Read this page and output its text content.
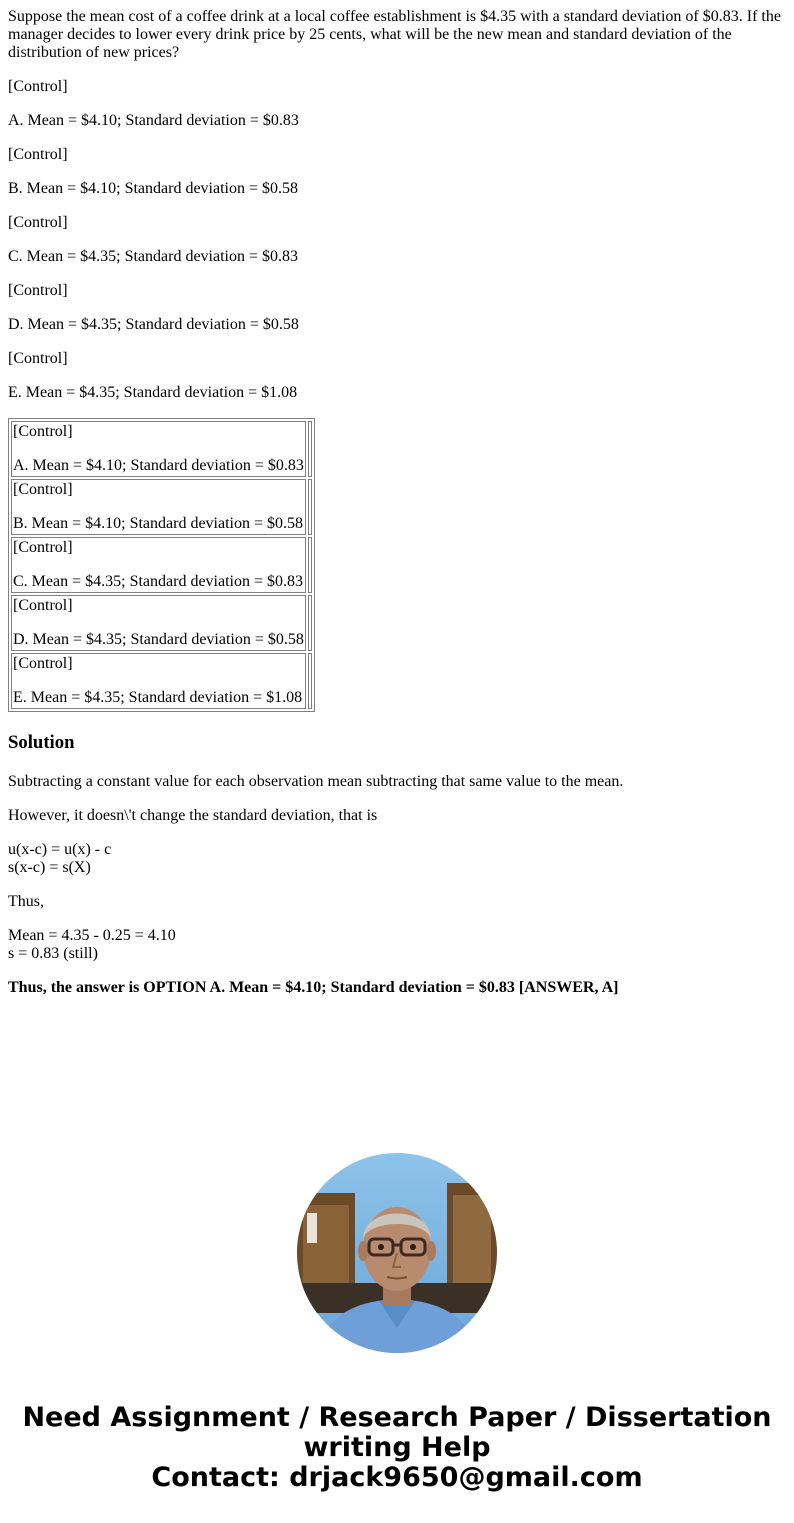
Suppose the mean cost of a coffee drink at a local coffee establishment is $4.35 with a standard deviation of $0.83. If the manager decides to lower every drink price by 25 cents, what will be the new mean and standard deviation of the distribution of new prices?

[Control]

A. Mean = $4.10; Standard deviation = $0.83

[Control]

B. Mean = $4.10; Standard deviation = $0.58

[Control]

C. Mean = $4.35; Standard deviation = $0.83

[Control]

D. Mean = $4.35; Standard deviation = $0.58

[Control]

E. Mean = $4.35; Standard deviation = $1.08

[Control]

A. Mean = $4.10; Standard deviation = $0.83	

[Control]

B. Mean = $4.10; Standard deviation = $0.58	

[Control]

C. Mean = $4.35; Standard deviation = $0.83	

[Control]

D. Mean = $4.35; Standard deviation = $0.58	

[Control]

E. Mean = $4.35; Standard deviation = $1.08	

Solution

Subtracting a constant value for each observation mean subtracting that same value to the mean.

However, it doesn\'t change the standard deviation, that is

u(x-c) = u(x) - c
s(x-c) = s(X)

Thus,

Mean = 4.35 - 0.25 = 4.10
s = 0.83 (still)

Thus, the answer is OPTION A. Mean = $4.10; Standard deviation = $0.83 [ANSWER, A]

Need Assignment / Research Paper / Dissertation
writing Help
Contact: drjack9650@gmail.com
